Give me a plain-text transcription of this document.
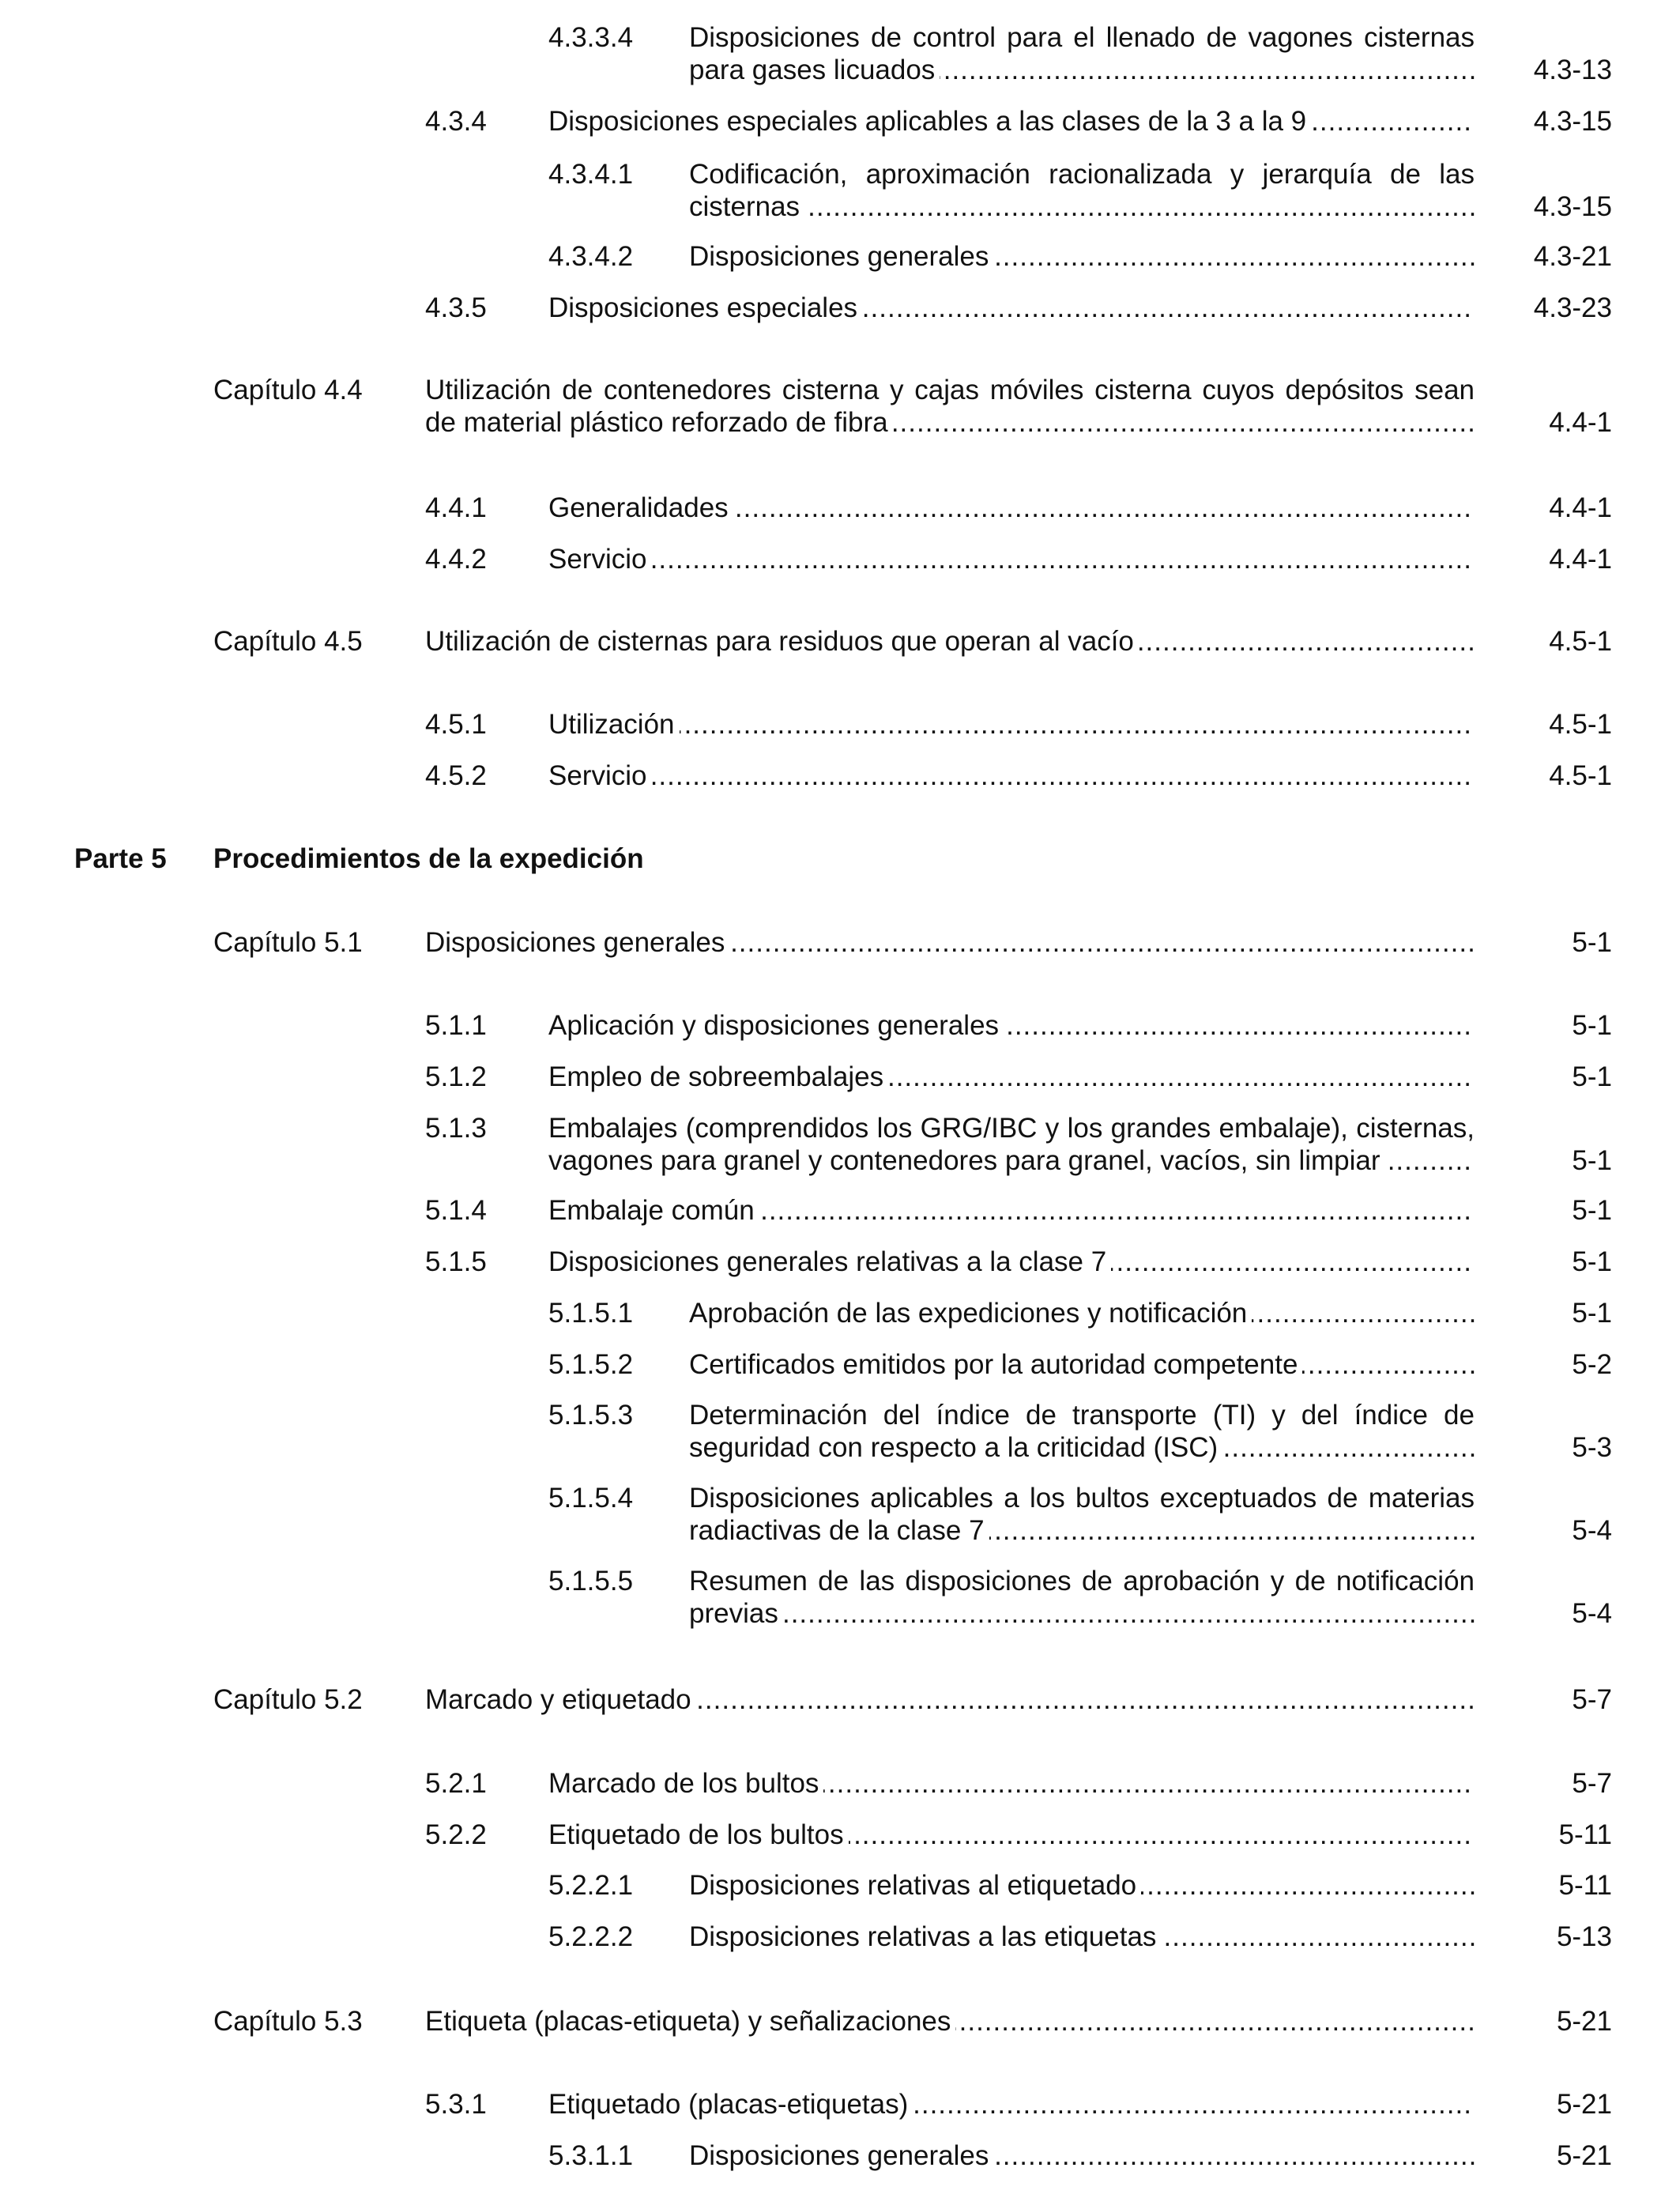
4.3.3.4 Disposiciones de control para el llenado de vagones cisternas
para gases licuados .....	4.3-13
4.3.4 Disposiciones especiales aplicables a las clases de la 3 a la 9 .....	4.3-15
4.3.4.1 Codificación, aproximación racionalizada y jerarquía de las
cisternas .....	4.3-15
4.3.4.2 Disposiciones generales .....	4.3-21
4.3.5 Disposiciones especiales .....	4.3-23
Capítulo 4.4 Utilización de contenedores cisterna y cajas móviles cisterna cuyos depósitos sean
de material plástico reforzado de fibra .....	4.4-1
4.4.1 Generalidades .....	4.4-1
4.4.2 Servicio .....	4.4-1
Capítulo 4.5 Utilización de cisternas para residuos que operan al vacío .....	4.5-1
4.5.1 Utilización .....	4.5-1
4.5.2 Servicio .....	4.5-1
Parte 5 Procedimientos de la expedición
Capítulo 5.1 Disposiciones generales .....	5-1
5.1.1 Aplicación y disposiciones generales .....	5-1
5.1.2 Empleo de sobreembalajes .....	5-1
5.1.3 Embalajes (comprendidos los GRG/IBC y los grandes embalaje), cisternas,
vagones para granel y contenedores para granel, vacíos, sin limpiar .....	5-1
5.1.4 Embalaje común .....	5-1
5.1.5 Disposiciones generales relativas a la clase 7 .....	5-1
5.1.5.1 Aprobación de las expediciones y notificación .....	5-1
5.1.5.2 Certificados emitidos por la autoridad competente .....	5-2
5.1.5.3 Determinación del índice de transporte (TI) y del índice de
seguridad con respecto a la criticidad (ISC) .....	5-3
5.1.5.4 Disposiciones aplicables a los bultos exceptuados de materias
radiactivas de la clase 7 .....	5-4
5.1.5.5 Resumen de las disposiciones de aprobación y de notificación
previas .....	5-4
Capítulo 5.2 Marcado y etiquetado .....	5-7
5.2.1 Marcado de los bultos .....	5-7
5.2.2 Etiquetado de los bultos .....	5-11
5.2.2.1 Disposiciones relativas al etiquetado .....	5-11
5.2.2.2 Disposiciones relativas a las etiquetas .....	5-13
Capítulo 5.3 Etiqueta (placas-etiqueta) y señalizaciones .....	5-21
5.3.1 Etiquetado (placas-etiquetas) .....	5-21
5.3.1.1 Disposiciones generales .....	5-21
